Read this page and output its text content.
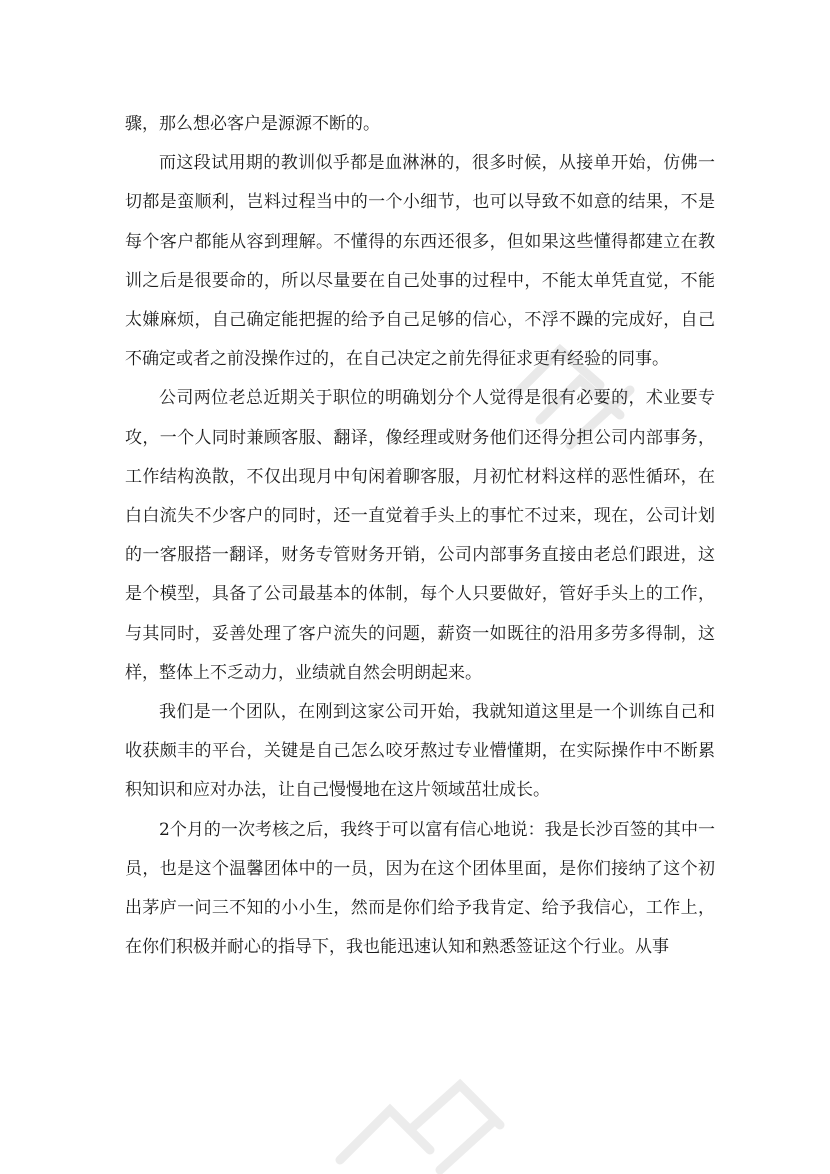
骤，那么想必客户是源源不断的。

而这段试用期的教训似乎都是血淋淋的，很多时候，从接单开始，仿佛一切都是蛮顺利，岂料过程当中的一个小细节，也可以导致不如意的结果，不是每个客户都能从容到理解。不懂得的东西还很多，但如果这些懂得都建立在教训之后是很要命的，所以尽量要在自己处事的过程中，不能太单凭直觉，不能太嫌麻烦，自己确定能把握的给予自己足够的信心，不浮不躁的完成好，自己不确定或者之前没操作过的，在自己决定之前先得征求更有经验的同事。

公司两位老总近期关于职位的明确划分个人觉得是很有必要的，术业要专攻，一个人同时兼顾客服、翻译，像经理或财务他们还得分担公司内部事务，工作结构涣散，不仅出现月中旬闲着聊客服，月初忙材料这样的恶性循环，在白白流失不少客户的同时，还一直觉着手头上的事忙不过来，现在，公司计划的一客服搭一翻译，财务专管财务开销，公司内部事务直接由老总们跟进，这是个模型，具备了公司最基本的体制，每个人只要做好，管好手头上的工作，与其同时，妥善处理了客户流失的问题，薪资一如既往的沿用多劳多得制，这样，整体上不乏动力，业绩就自然会明朗起来。

我们是一个团队，在刚到这家公司开始，我就知道这里是一个训练自己和收获颇丰的平台，关键是自己怎么咬牙熬过专业懵懂期，在实际操作中不断累积知识和应对办法，让自己慢慢地在这片领域茁壮成长。

2个月的一次考核之后，我终于可以富有信心地说：我是长沙百签的其中一员，也是这个温馨团体中的一员，因为在这个团体里面，是你们接纳了这个初出茅庐一问三不知的小小生，然而是你们给予我肯定、给予我信心，工作上，在你们积极并耐心的指导下，我也能迅速认知和熟悉签证这个行业。从事
